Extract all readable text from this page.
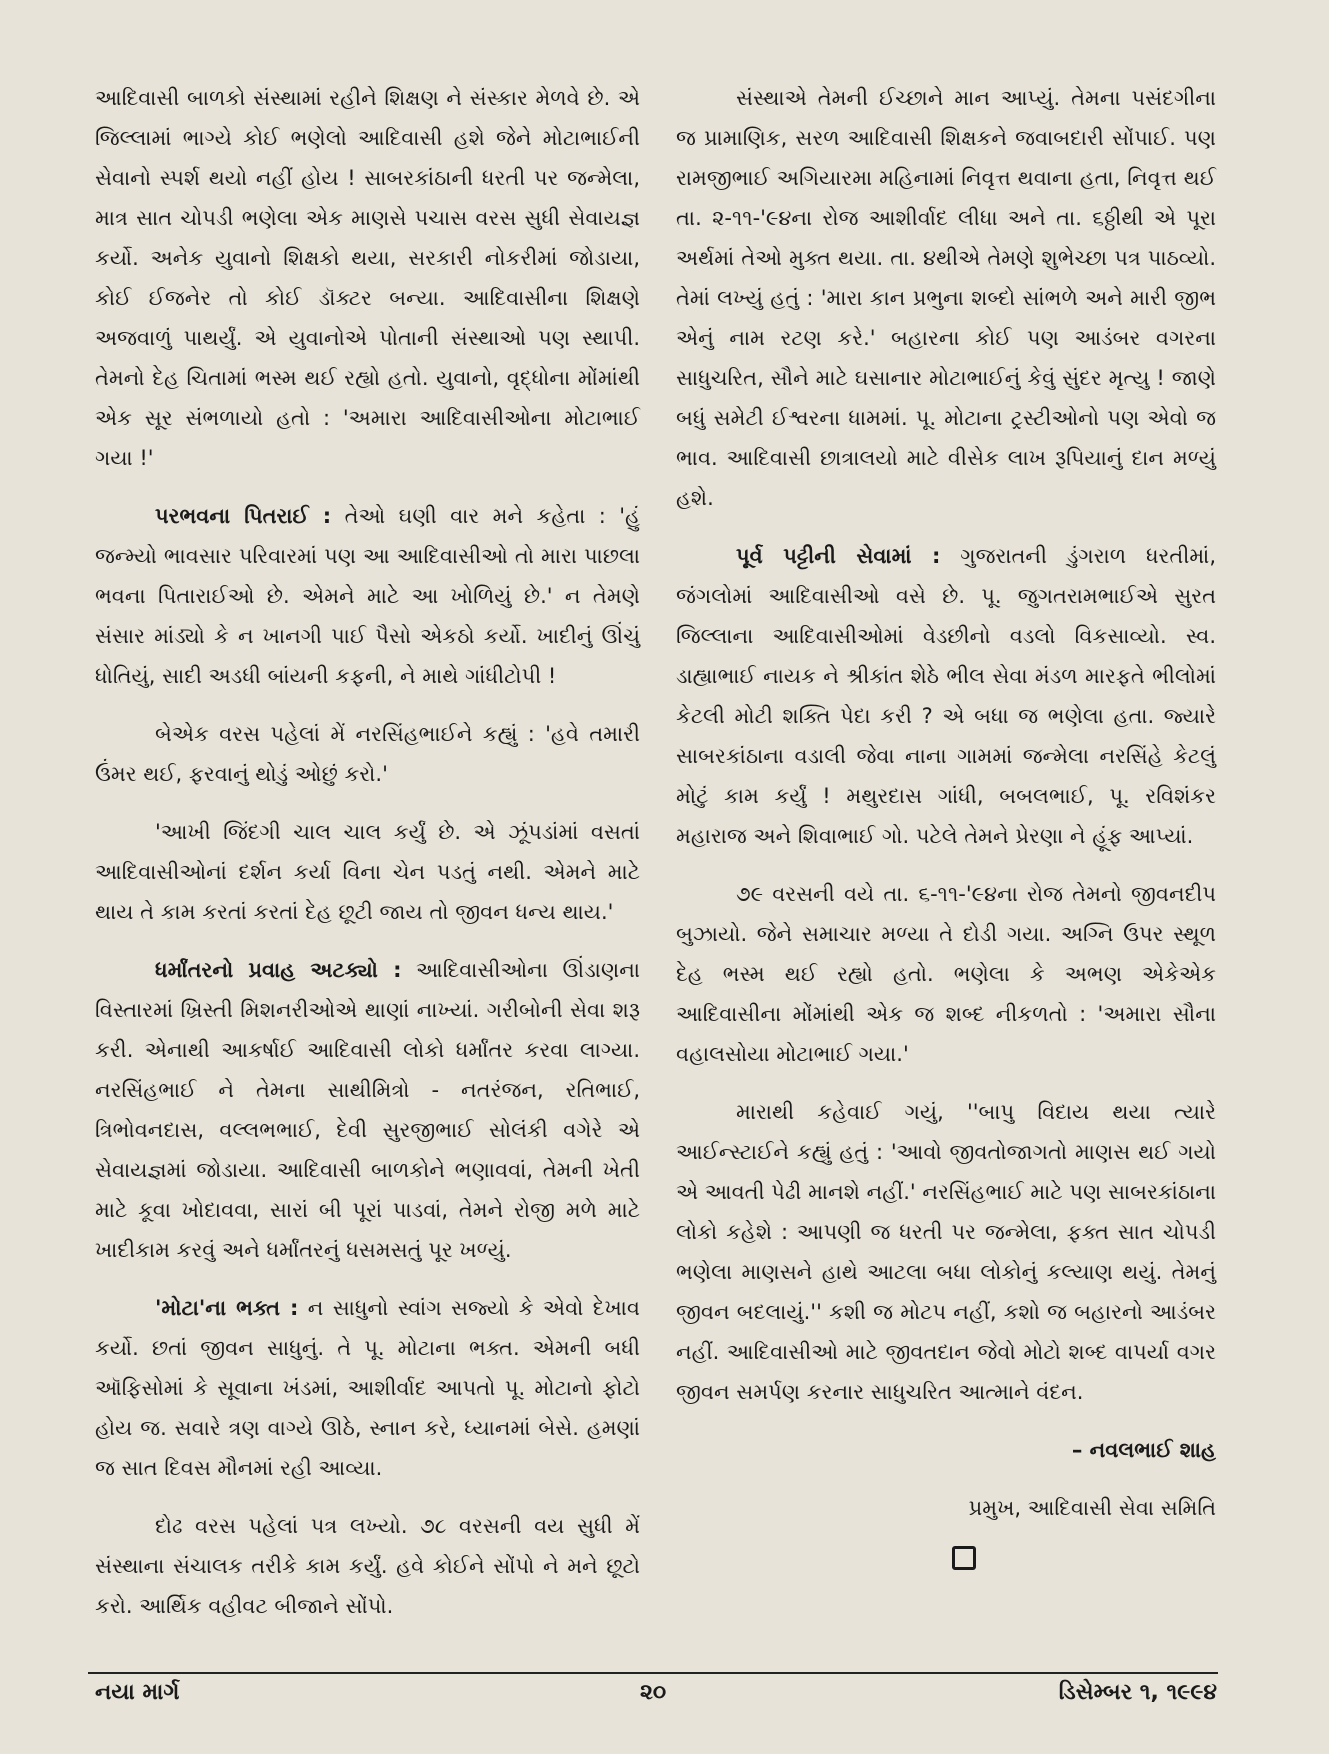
આદિવાસી બાળકો સંસ્થામાં રહીને શિક્ષણ ને સંસ્કાર મેળવે છે. એ જિલ્લામાં ભાગ્યે કોઈ ભણેલો આદિવાસી હશે જેને મોટાભાઈની સેવાનો સ્પર્શ થયો નહીં હોય ! સાબરકાંઠાની ધરતી પર જન્મેલા, માત્ર સાત ચોપડી ભણેલા એક માણસે પચાસ વરસ સુધી સેવાયજ્ઞ કર્યો. અનેક યુવાનો શિક્ષકો થયા, સરકારી નોકરીમાં જોડાયા, કોઈ ઈજનેર તો કોઈ ડૉક્ટર બન્યા. આદિવાસીના શિક્ષણે અજવાળું પાથર્યું. એ યુવાનોએ પોતાની સંસ્થાઓ પણ સ્થાપી. તેમનો દેહ ચિતામાં ભસ્મ થઈ રહ્યો હતો. યુવાનો, વૃદ્ધોના મોંમાંથી એક સૂર સંભળાયો હતો : 'અમારા આદિવાસીઓના મોટાભાઈ ગયા !'

પરભવના પિતરાઈ : તેઓ ઘણી વાર મને કહેતા : 'હું જન્મ્યો ભાવસાર પરિવારમાં પણ આ આદિવાસીઓ તો મારા પાછલા ભવના પિતારાઈઓ છે. એમને માટે આ ખોળિયું છે.' ન તેમણે સંસાર માંડ્યો કે ન ખાનગી પાઈ પૈસો એકઠો કર્યો. ખાદીનું ઊંચું ધોતિયું, સાદી અડધી બાંયની કફની, ને માથે ગાંધીટોપી !

બેએક વરસ પહેલાં મેં નરસિંહભાઈને કહ્યું : 'હવે તમારી ઉંમર થઈ, ફરવાનું થોડું ઓછું કરો.'

'આખી જિંદગી ચાલ ચાલ કર્યું છે. એ ઝૂંપડાંમાં વસતાં આદિવાસીઓનાં દર્શન કર્યા વિના ચેન પડતું નથી. એમને માટે થાય તે કામ કરતાં કરતાં દેહ છૂટી જાય તો જીવન ધન્ય થાય.'

ધર્માંતરનો પ્રવાહ અટક્યો : આદિવાસીઓના ઊંડાણના વિસ્તારમાં ખ્રિસ્તી મિશનરીઓએ થાણાં નાખ્યાં. ગરીબોની સેવા શરૂ કરી. એનાથી આકર્ષાઈ આદિવાસી લોકો ધર્માંતર કરવા લાગ્યા. નરસિંહભાઈ ને તેમના સાથીમિત્રો - નતરંજન, રતિભાઈ, ત્રિભોવનદાસ, વલ્લભભાઈ, દેવી સુરજીભાઈ સોલંકી વગેરે એ સેવાયજ્ઞમાં જોડાયા. આદિવાસી બાળકોને ભણાવવાં, તેમની ખેતી માટે કૂવા ખોદાવવા, સારાં બી પૂરાં પાડવાં, તેમને રોજી મળે માટે ખાદીકામ કરવું અને ધર્માંતરનું ધસમસતું પૂર ખળ્યું.

'મોટા'ના ભક્ત : ન સાધુનો સ્વાંગ સજ્યો કે એવો દેખાવ કર્યો. છતાં જીવન સાધુનું. તે પૂ. મોટાના ભક્ત. એમની બધી ઑફિસોમાં કે સૂવાના ખંડમાં, આશીર્વાદ આપતો પૂ. મોટાનો ફોટો હોય જ. સવારે ત્રણ વાગ્યે ઊઠે, સ્નાન કરે, ધ્યાનમાં બેસે. હમણાં જ સાત દિવસ મૌનમાં રહી આવ્યા.

દોઢ વરસ પહેલાં પત્ર લખ્યો. ૭૮ વરસની વય સુધી મેં સંસ્થાના સંચાલક તરીકે કામ કર્યું. હવે કોઈને સોંપો ને મને છૂટો કરો. આર્થિક વહીવટ બીજાને સોંપો.

સંસ્થાએ તેમની ઈચ્છાને માન આપ્યું. તેમના પસંદગીના જ પ્રામાણિક, સરળ આદિવાસી શિક્ષકને જવાબદારી સોંપાઈ. પણ રામજીભાઈ અગિયારમા મહિનામાં નિવૃત્ત થવાના હતા, નિવૃત્ત થઈ તા. ૨-૧૧-'૯૪ના રોજ આશીર્વાદ લીધા અને તા. ૬ઠ્ઠીથી એ પૂરા અર્થમાં તેઓ મુક્ત થયા. તા. ૪થીએ તેમણે શુભેચ્છા પત્ર પાઠવ્યો. તેમાં લખ્યું હતું : 'મારા કાન પ્રભુના શબ્દો સાંભળે અને મારી જીભ એનું નામ રટણ કરે.' બહારના કોઈ પણ આડંબર વગરના સાધુચરિત, સૌને માટે ઘસાનાર મોટાભાઈનું કેવું સુંદર મૃત્યુ ! જાણે બધું સમેટી ઈશ્વરના ધામમાં. પૂ. મોટાના ટ્રસ્ટીઓનો પણ એવો જ ભાવ. આદિવાસી છાત્રાલયો માટે વીસેક લાખ રૂપિયાનું દાન મળ્યું હશે.

પૂર્વ પટ્ટીની સેવામાં : ગુજરાતની ડુંગરાળ ધરતીમાં, જંગલોમાં આદિવાસીઓ વસે છે. પૂ. જુગતરામભાઈએ સુરત જિલ્લાના આદિવાસીઓમાં વેડછીનો વડલો વિકસાવ્યો. સ્વ. ડાહ્યાભાઈ નાયક ને શ્રીકાંત શેઠે ભીલ સેવા મંડળ મારફતે ભીલોમાં કેટલી મોટી શક્તિ પેદા કરી ? એ બધા જ ભણેલા હતા. જ્યારે સાબરકાંઠાના વડાલી જેવા નાના ગામમાં જન્મેલા નરસિંહે કેટલું મોટું કામ કર્યું ! મથુરદાસ ગાંધી, બબલભાઈ, પૂ. રવિશંકર મહારાજ અને શિવાભાઈ ગો. પટેલે તેમને પ્રેરણા ને હૂંફ આપ્યાં.

૭૯ વરસની વયે તા. ૬-૧૧-'૯૪ના રોજ તેમનો જીવનદીપ બુઝાયો. જેને સમાચાર મળ્યા તે દોડી ગયા. અગ્નિ ઉપર સ્થૂળ દેહ ભસ્મ થઈ રહ્યો હતો. ભણેલા કે અભણ એકેએક આદિવાસીના મોંમાંથી એક જ શબ્દ નીકળતો : 'અમારા સૌના વહાલસોયા મોટાભાઈ ગયા.'

મારાથી કહેવાઈ ગયું, ''બાપુ વિદાય થયા ત્યારે આઈન્સ્ટાઈને કહ્યું હતું : 'આવો જીવતોજાગતો માણસ થઈ ગયો એ આવતી પેઢી માનશે નહીં.' નરસિંહભાઈ માટે પણ સાબરકાંઠાના લોકો કહેશે : આપણી જ ધરતી પર જન્મેલા, ફક્ત સાત ચોપડી ભણેલા માણસને હાથે આટલા બધા લોકોનું કલ્યાણ થયું. તેમનું જીવન બદલાયું.'' કશી જ મોટપ નહીં, કશો જ બહારનો આડંબર નહીં. આદિવાસીઓ માટે જીવતદાન જેવો મોટો શબ્દ વાપર્યા વગર જીવન સમર્પણ કરનાર સાધુચરિત આત્માને વંદન.

– નવલભાઈ શાહ

પ્રમુખ, આદિવાસી સેવા સમિતિ

નયા માર્ગ	૨૦	ડિસેમ્બર ૧, ૧૯૯૪
